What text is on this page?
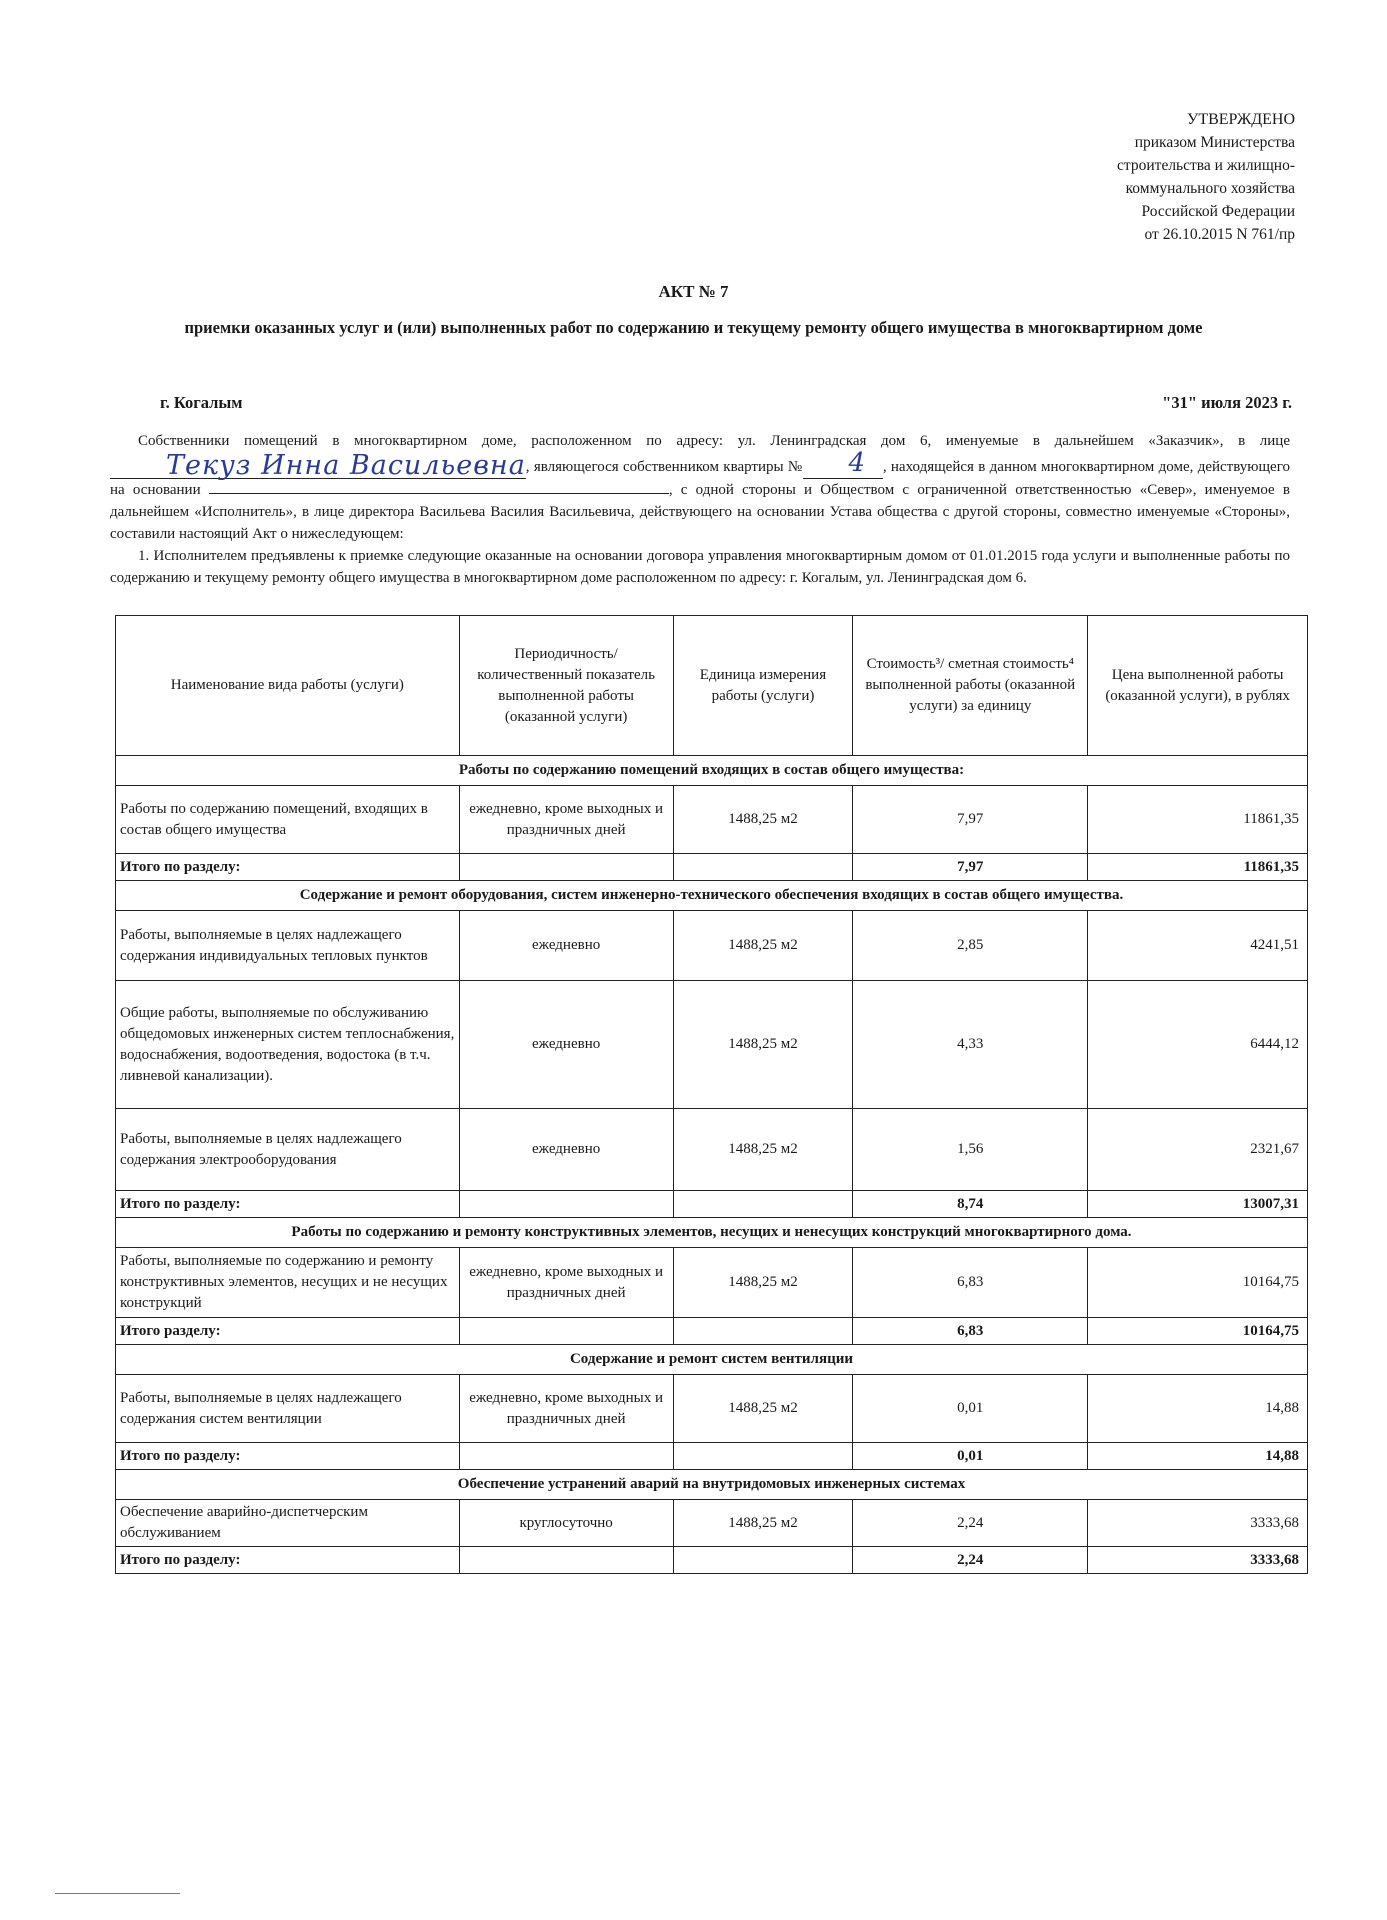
УТВЕРЖДЕНО
приказом Министерства
строительства и жилищно-
коммунального хозяйства
Российской Федерации
от 26.10.2015 N 761/пр
АКТ № 7
приемки оказанных услуг и (или) выполненных работ по содержанию и текущему ремонту общего имущества в многоквартирном доме
г. Когалым	"31" июля 2023 г.

Собственники помещений в многоквартирном доме, расположенном по адресу: ул. Ленинградская дом 6, именуемые в дальнейшем «Заказчик», в лице Текуз Инна Васильевна, являющегося собственником квартиры № 4 , находящейся в данном многоквартирном доме, действующего на основании	, с одной стороны и Обществом с ограниченной ответственностью «Север», именуемое в дальнейшем «Исполнитель», в лице директора Васильева Василия Васильевича, действующего на основании Устава общества с другой стороны, совместно именуемые «Стороны», составили настоящий Акт о нижеследующем:

1. Исполнителем предъявлены к приемке следующие оказанные на основании договора управления многоквартирным домом от 01.01.2015 года услуги и выполненные работы по содержанию и текущему ремонту общего имущества в многоквартирном доме расположенном по адресу: г. Когалым, ул. Ленинградская дом 6.

Наименование вида работы (услуги)	Периодичность/ количественный показатель выполненной работы (оказанной услуги)	Единица измерения работы (услуги)	Стоимость³/ сметная стоимость⁴ выполненной работы (оказанной услуги) за единицу	Цена выполненной работы (оказанной услуги), в рублях
Работы по содержанию помещений входящих в состав общего имущества:				
Работы по содержанию помещений, входящих в состав общего имущества	ежедневно, кроме выходных и праздничных дней	1488,25 м2	7,97	11861,35
Итого по разделу:			7,97	11861,35
Содержание и ремонт оборудования, систем инженерно-технического обеспечения входящих в состав общего имущества.				
Работы, выполняемые в целях надлежащего содержания индивидуальных тепловых пунктов	ежедневно	1488,25 м2	2,85	4241,51
Общие работы, выполняемые по обслуживанию общедомовых инженерных систем теплоснабжения, водоснабжения, водоотведения, водостока (в т.ч. ливневой канализации).	ежедневно	1488,25 м2	4,33	6444,12
Работы, выполняемые в целях надлежащего содержания электрооборудования	ежедневно	1488,25 м2	1,56	2321,67
Итого по разделу:			8,74	13007,31
Работы по содержанию и ремонту конструктивных элементов, несущих и ненесущих конструкций многоквартирного дома.				
Работы, выполняемые по содержанию и ремонту конструктивных элементов, несущих и не несущих конструкций	ежедневно, кроме выходных и праздничных дней	1488,25 м2	6,83	10164,75
Итого разделу:			6,83	10164,75
Содержание и ремонт систем вентиляции				
Работы, выполняемые в целях надлежащего содержания систем вентиляции	ежедневно, кроме выходных и праздничных дней	1488,25 м2	0,01	14,88
Итого по разделу:			0,01	14,88
Обеспечение устранений аварий на внутридомовых инженерных системах				
Обеспечение аварийно-диспетчерским обслуживанием	круглосуточно	1488,25 м2	2,24	3333,68
Итого по разделу:			2,24	3333,68
